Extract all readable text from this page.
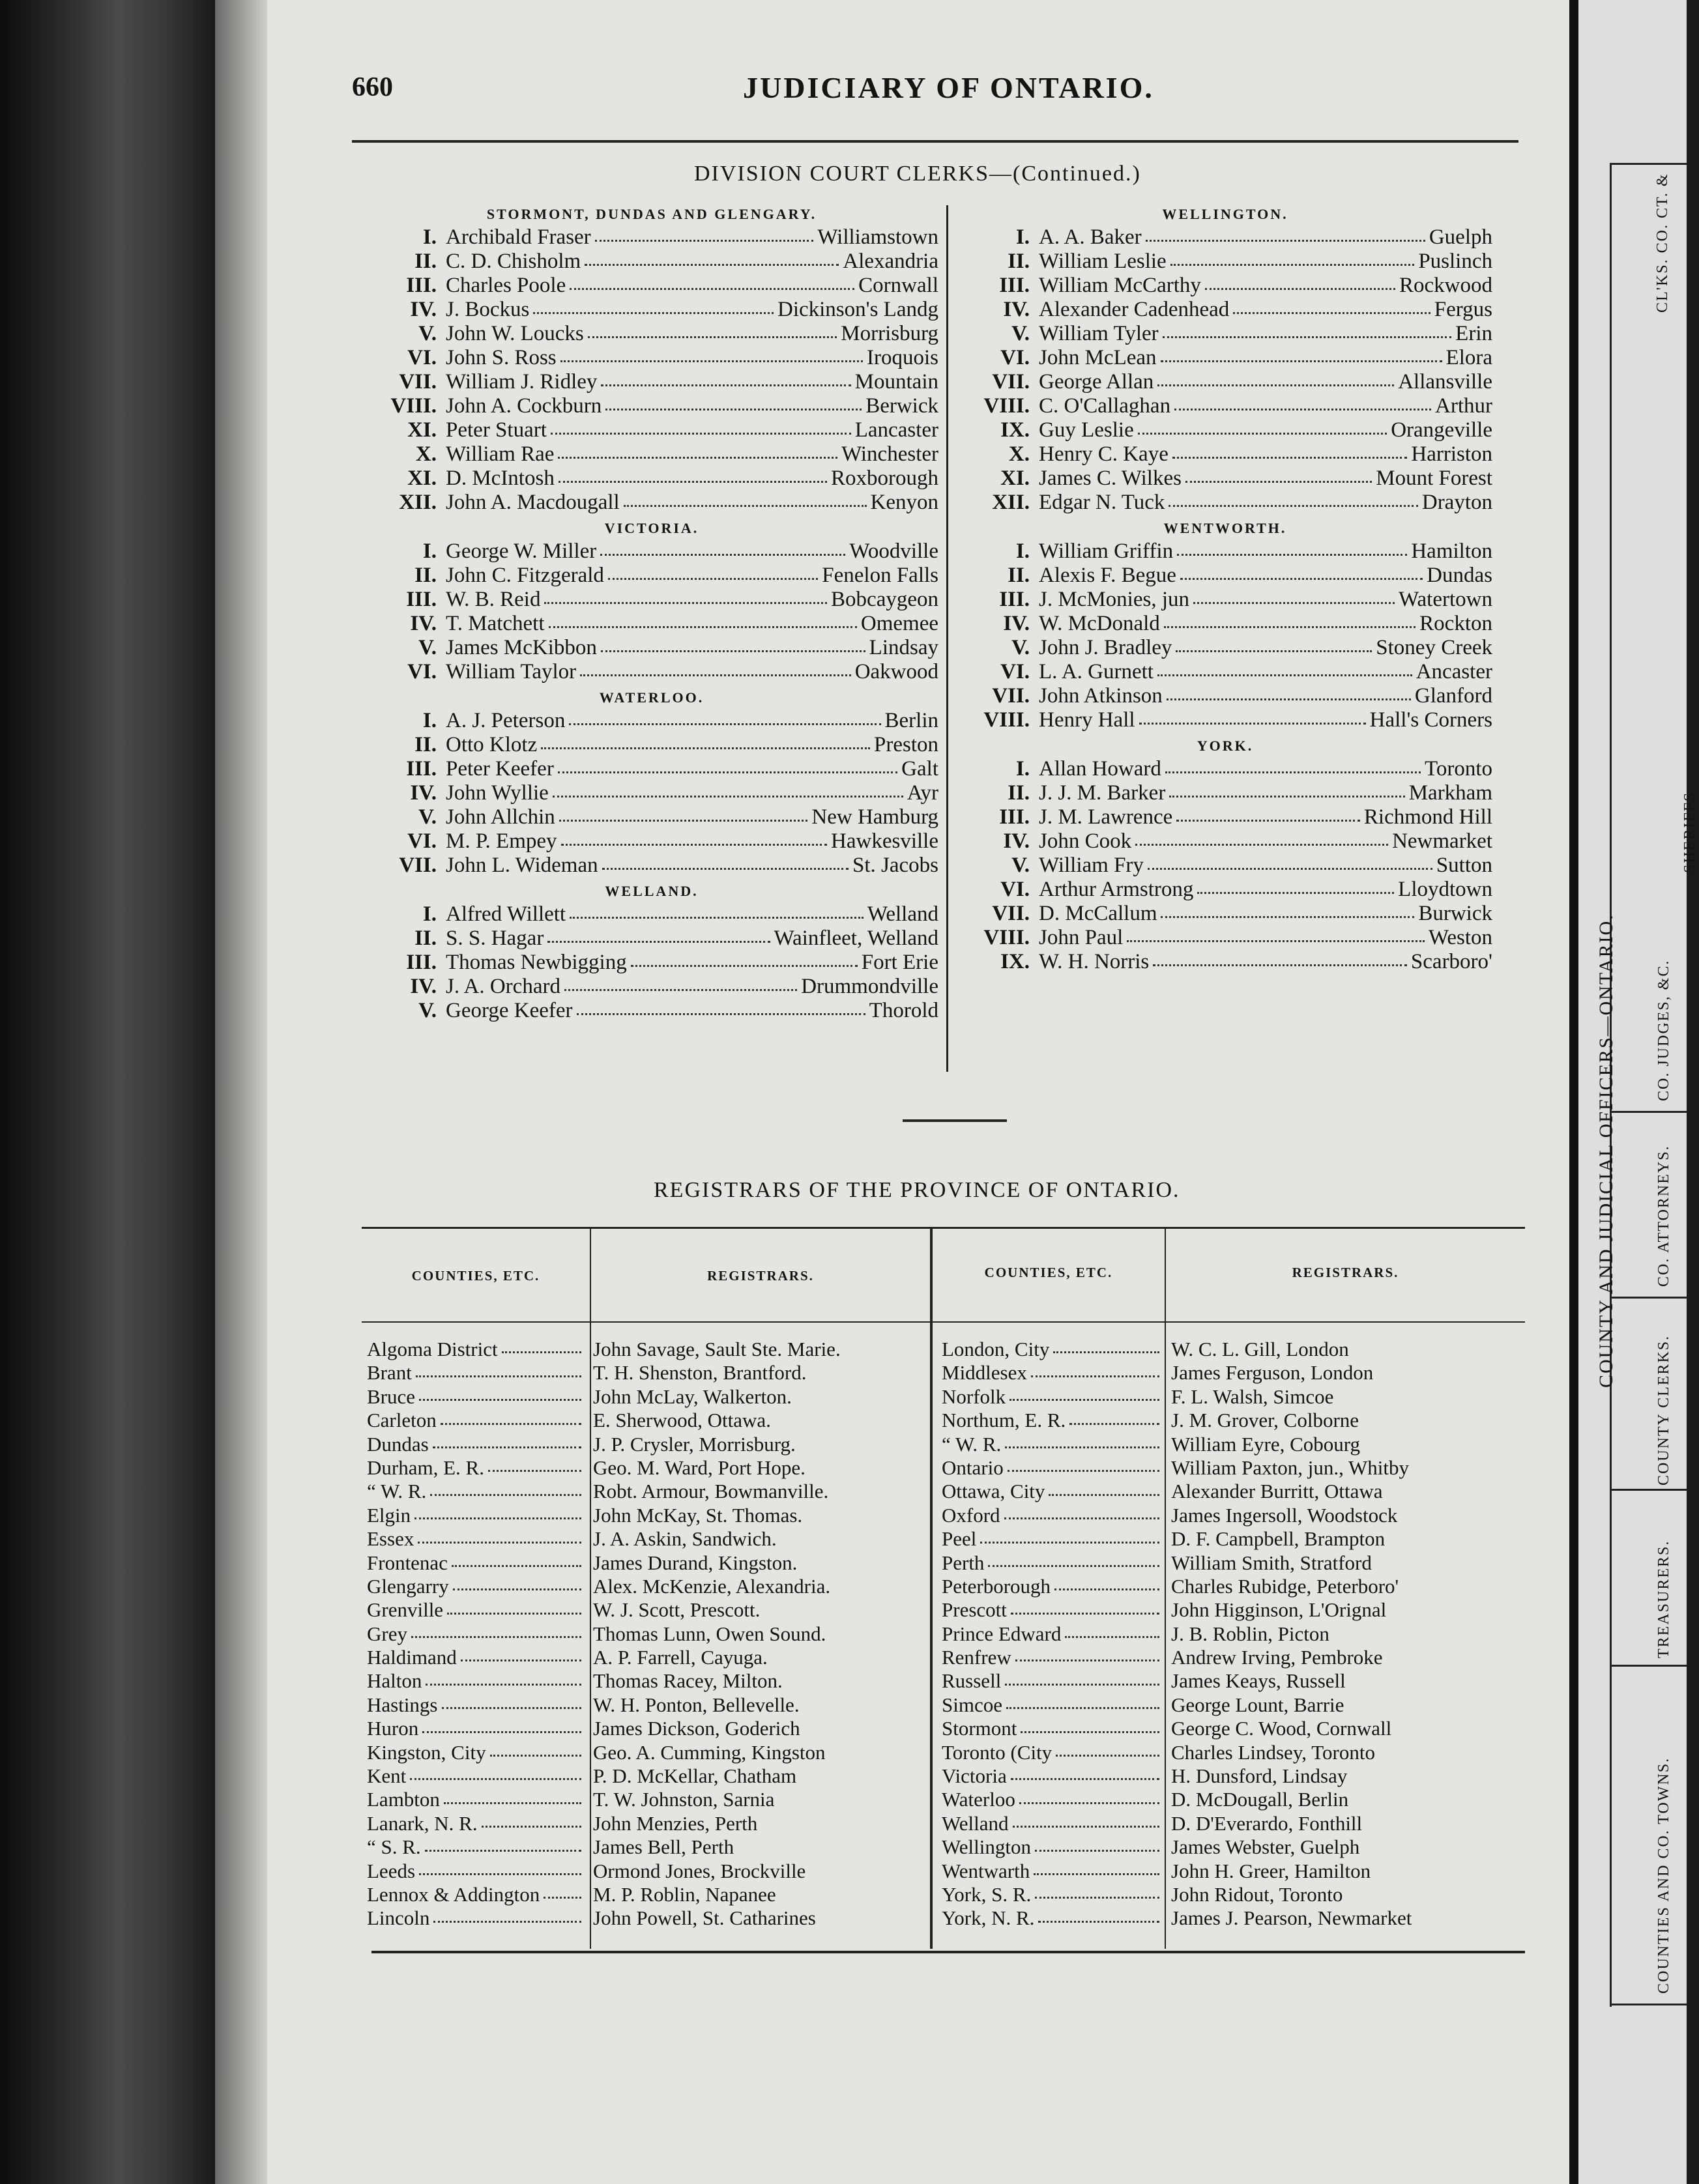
660	JUDICIARY OF ONTARIO.
DIVISION COURT CLERKS—(Continued.)
STORMONT, DUNDAS AND GLENGARY.
I. Archibald Fraser	Williamstown
II. C. D. Chisholm	Alexandria
III. Charles Poole	Cornwall
IV. J. Bockus	Dickinson's Landg
V. John W. Loucks	Morrisburg
VI. John S. Ross	Iroquois
VII. William J. Ridley	Mountain
VIII. John A. Cockburn	Berwick
XI. Peter Stuart	Lancaster
X. William Rae	Winchester
XI. D. McIntosh	Roxborough
XII. John A. Macdougall	Kenyon
VICTORIA.
I. George W. Miller	Woodville
II. John C. Fitzgerald	Fenelon Falls
III. W. B. Reid	Bobcaygeon
IV. T. Matchett	Omemee
V. James McKibbon	Lindsay
VI. William Taylor	Oakwood
WATERLOO.
I. A. J. Peterson	Berlin
II. Otto Klotz	Preston
III. Peter Keefer	Galt
IV. John Wyllie	Ayr
V. John Allchin	New Hamburg
VI. M. P. Empey	Hawkesville
VII. John L. Wideman	St. Jacobs
WELLAND.
I. Alfred Willett	Welland
II. S. S. Hagar	Wainfleet, Welland
III. Thomas Newbigging	Fort Erie
IV. J. A. Orchard	Drummondville
V. George Keefer	Thorold
WELLINGTON.
I. A. A. Baker	Guelph
II. William Leslie	Puslinch
III. William McCarthy	Rockwood
IV. Alexander Cadenhead	Fergus
V. William Tyler	Erin
VI. John McLean	Elora
VII. George Allan	Allansville
VIII. C. O'Callaghan	Arthur
IX. Guy Leslie	Orangeville
X. Henry C. Kaye	Harriston
XI. James C. Wilkes	Mount Forest
XII. Edgar N. Tuck	Drayton
WENTWORTH.
I. William Griffin	Hamilton
II. Alexis F. Begue	Dundas
III. J. McMonies, jun	Watertown
IV. W. McDonald	Rockton
V. John J. Bradley	Stoney Creek
VI. L. A. Gurnett	Ancaster
VII. John Atkinson	Glanford
VIII. Henry Hall	Hall's Corners
YORK.
I. Allan Howard	Toronto
II. J. J. M. Barker	Markham
III. J. M. Lawrence	Richmond Hill
IV. John Cook	Newmarket
V. William Fry	Sutton
VI. Arthur Armstrong	Lloydtown
VII. D. McCallum	Burwick
VIII. John Paul	Weston
IX. W. H. Norris	Scarboro'
REGISTRARS OF THE PROVINCE OF ONTARIO.
COUNTIES, ETC.	REGISTRARS.	COUNTIES, ETC.	REGISTRARS.
Algoma District	John Savage, Sault Ste. Marie.
Brant	T. H. Shenston, Brantford.
Bruce	John McLay, Walkerton.
Carleton	E. Sherwood, Ottawa.
Dundas	J. P. Crysler, Morrisburg.
Durham, E. R.	Geo. M. Ward, Port Hope.
“ W. R.	Robt. Armour, Bowmanville.
Elgin	John McKay, St. Thomas.
Essex	J. A. Askin, Sandwich.
Frontenac	James Durand, Kingston.
Glengarry	Alex. McKenzie, Alexandria.
Grenville	W. J. Scott, Prescott.
Grey	Thomas Lunn, Owen Sound.
Haldimand	A. P. Farrell, Cayuga.
Halton	Thomas Racey, Milton.
Hastings	W. H. Ponton, Bellevelle.
Huron	James Dickson, Goderich
Kingston, City	Geo. A. Cumming, Kingston
Kent	P. D. McKellar, Chatham
Lambton	T. W. Johnston, Sarnia
Lanark, N. R.	John Menzies, Perth
“ S. R.	James Bell, Perth
Leeds	Ormond Jones, Brockville
Lennox & Addington	M. P. Roblin, Napanee
Lincoln	John Powell, St. Catharines
London, City	W. C. L. Gill, London
Middlesex	James Ferguson, London
Norfolk	F. L. Walsh, Simcoe
Northum, E. R.	J. M. Grover, Colborne
“ W. R.	William Eyre, Cobourg
Ontario	William Paxton, jun., Whitby
Ottawa, City	Alexander Burritt, Ottawa
Oxford	James Ingersoll, Woodstock
Peel	D. F. Campbell, Brampton
Perth	William Smith, Stratford
Peterborough	Charles Rubidge, Peterboro'
Prescott	John Higginson, L'Orignal
Prince Edward	J. B. Roblin, Picton
Renfrew	Andrew Irving, Pembroke
Russell	James Keays, Russell
Simcoe	George Lount, Barrie
Stormont	George C. Wood, Cornwall
Toronto (City	Charles Lindsey, Toronto
Victoria	H. Dunsford, Lindsay
Waterloo	D. McDougall, Berlin
Welland	D. D'Everardo, Fonthill
Wellington	James Webster, Guelph
Wentwarth	John H. Greer, Hamilton
York, S. R.	John Ridout, Toronto
York, N. R.	James J. Pearson, Newmarket
CL'KS. CO. CT. &
SHERIFFS
CO. JUDGES, &C.
CO. ATTORNEYS.
COUNTY CLERKS.
TREASURERS.
COUNTIES AND CO. TOWNS.
COUNTY AND JUDICIAL OFFICERS—ONTARIO.
